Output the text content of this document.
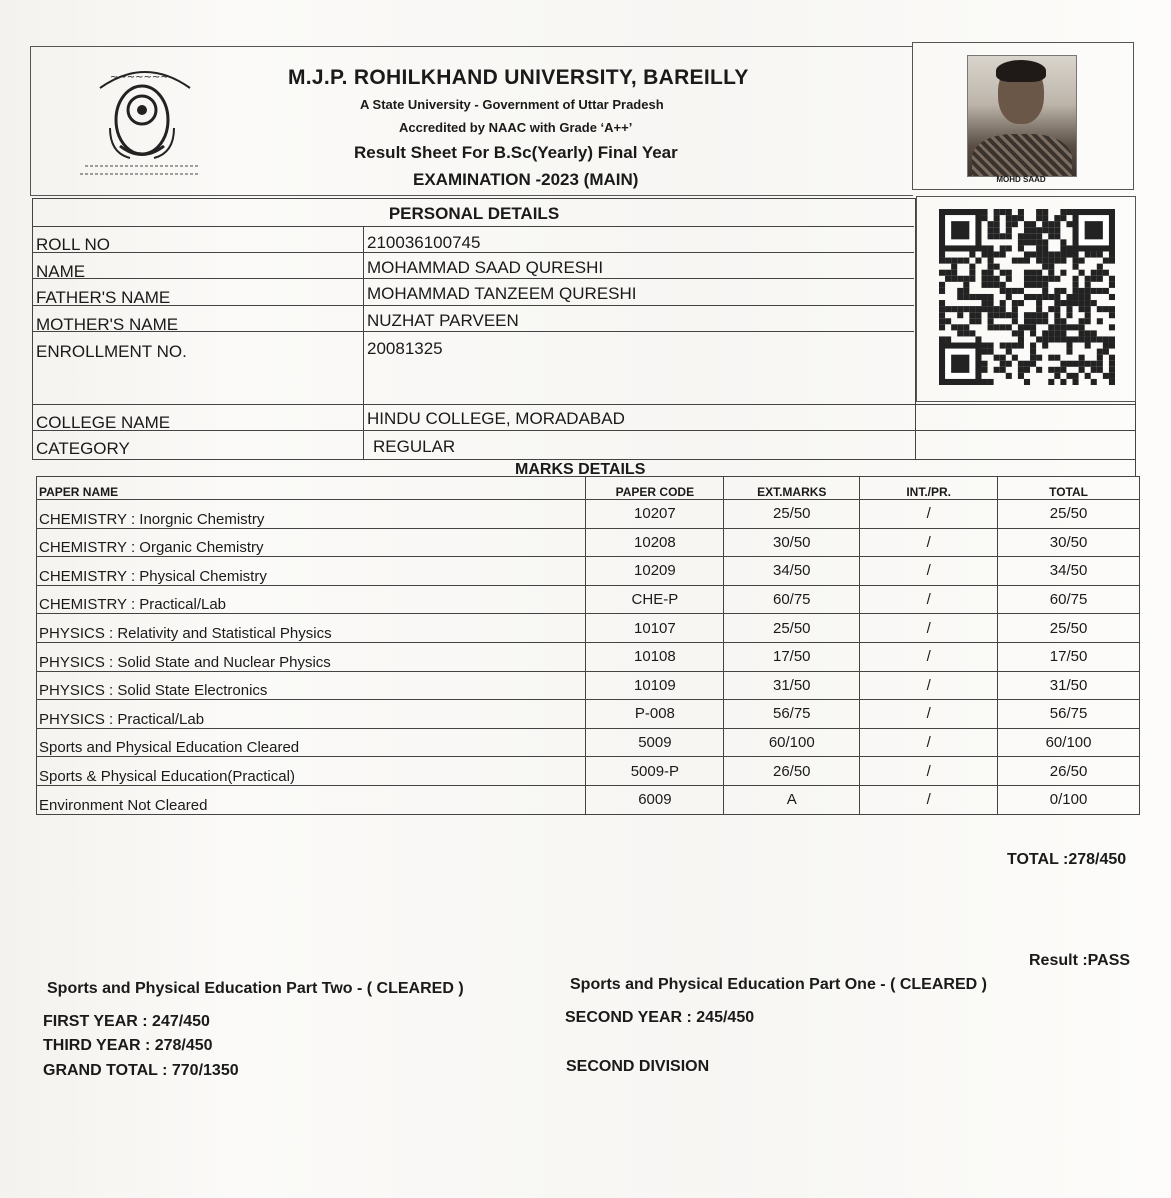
~~~~~~~	M.J.P. ROHILKHAND UNIVERSITY, BAREILLY
A State University - Government of Uttar Pradesh
Accredited by NAAC with Grade ‘A++’
Result Sheet For B.Sc(Yearly) Final Year
EXAMINATION -2023 (MAIN)	MOHD SAAD
PERSONAL DETAILS
ROLL NO	210036100745
NAME	MOHAMMAD SAAD QURESHI
FATHER'S NAME	MOHAMMAD TANZEEM QURESHI
MOTHER'S NAME	NUZHAT PARVEEN
ENROLLMENT NO.	20081325
COLLEGE NAME	HINDU COLLEGE, MORADABAD
CATEGORY	REGULAR
MARKS DETAILS
PAPER NAME	PAPER CODE	EXT.MARKS	INT./PR.	TOTAL
CHEMISTRY : Inorgnic Chemistry	10207	25/50	/	25/50
CHEMISTRY : Organic Chemistry	10208	30/50	/	30/50
CHEMISTRY : Physical Chemistry	10209	34/50	/	34/50
CHEMISTRY : Practical/Lab	CHE-P	60/75	/	60/75
PHYSICS : Relativity and Statistical Physics	10107	25/50	/	25/50
PHYSICS : Solid State and Nuclear Physics	10108	17/50	/	17/50
PHYSICS : Solid State Electronics	10109	31/50	/	31/50
PHYSICS : Practical/Lab	P-008	56/75	/	56/75
Sports and Physical Education Cleared	5009	60/100	/	60/100
Sports & Physical Education(Practical)	5009-P	26/50	/	26/50
Environment Not Cleared	6009	A	/	0/100
TOTAL :278/450
Result :PASS
Sports and Physical Education Part Two - ( CLEARED )	Sports and Physical Education Part One - ( CLEARED )
FIRST YEAR : 247/450	SECOND YEAR : 245/450
THIRD YEAR : 278/450
GRAND TOTAL : 770/1350	SECOND DIVISION
